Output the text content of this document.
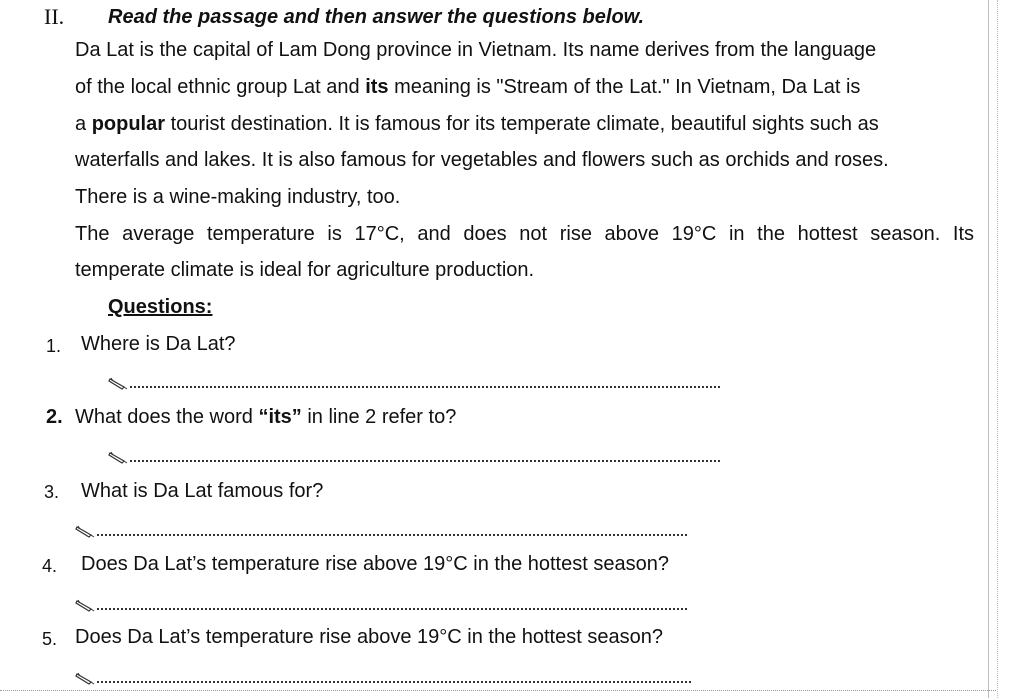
II. Read the passage and then answer the questions below.
Da Lat is the capital of Lam Dong province in Vietnam. Its name derives from the language
of the local ethnic group Lat and its meaning is "Stream of the Lat." In Vietnam, Da Lat is
a popular tourist destination. It is famous for its temperate climate, beautiful sights such as
waterfalls and lakes. It is also famous for vegetables and flowers such as orchids and roses.
There is a wine-making industry, too.
The average temperature is 17°C, and does not rise above 19°C in the hottest season. Its
temperate climate is ideal for agriculture production.
Questions:
1. Where is Da Lat?
2. What does the word “its” in line 2 refer to?
3. What is Da Lat famous for?
4. Does Da Lat’s temperature rise above 19°C in the hottest season?
5. Does Da Lat’s temperature rise above 19°C in the hottest season?
